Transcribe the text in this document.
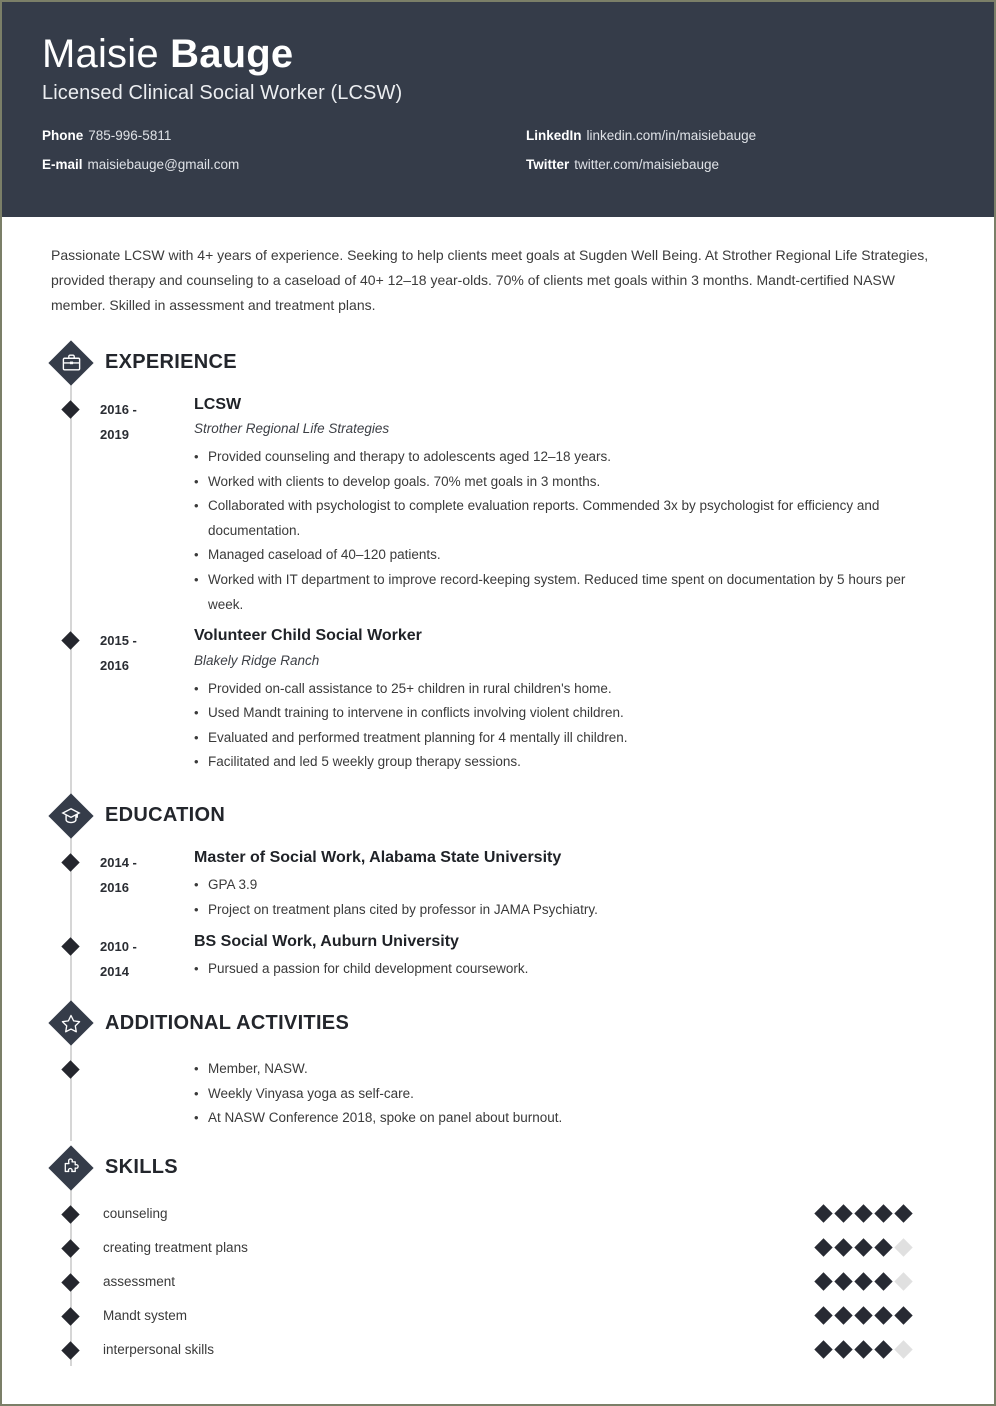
Maisie Bauge
Licensed Clinical Social Worker (LCSW)
Phone 785-996-5811
E-mail maisiebauge@gmail.com
LinkedIn linkedin.com/in/maisiebauge
Twitter twitter.com/maisiebauge
Passionate LCSW with 4+ years of experience. Seeking to help clients meet goals at Sugden Well Being. At Strother Regional Life Strategies, provided therapy and counseling to a caseload of 40+ 12–18 year-olds. 70% of clients met goals within 3 months. Mandt-certified NASW member. Skilled in assessment and treatment plans.
EXPERIENCE
2016 -
2019
LCSW
Strother Regional Life Strategies
• Provided counseling and therapy to adolescents aged 12–18 years.
• Worked with clients to develop goals. 70% met goals in 3 months.
• Collaborated with psychologist to complete evaluation reports. Commended 3x by psychologist for efficiency and documentation.
• Managed caseload of 40–120 patients.
• Worked with IT department to improve record-keeping system. Reduced time spent on documentation by 5 hours per week.
2015 -
2016
Volunteer Child Social Worker
Blakely Ridge Ranch
• Provided on-call assistance to 25+ children in rural children's home.
• Used Mandt training to intervene in conflicts involving violent children.
• Evaluated and performed treatment planning for 4 mentally ill children.
• Facilitated and led 5 weekly group therapy sessions.
EDUCATION
2014 -
2016
Master of Social Work, Alabama State University
• GPA 3.9
• Project on treatment plans cited by professor in JAMA Psychiatry.
2010 -
2014
BS Social Work, Auburn University
• Pursued a passion for child development coursework.
ADDITIONAL ACTIVITIES
• Member, NASW.
• Weekly Vinyasa yoga as self-care.
• At NASW Conference 2018, spoke on panel about burnout.
SKILLS
counseling
creating treatment plans
assessment
Mandt system
interpersonal skills
